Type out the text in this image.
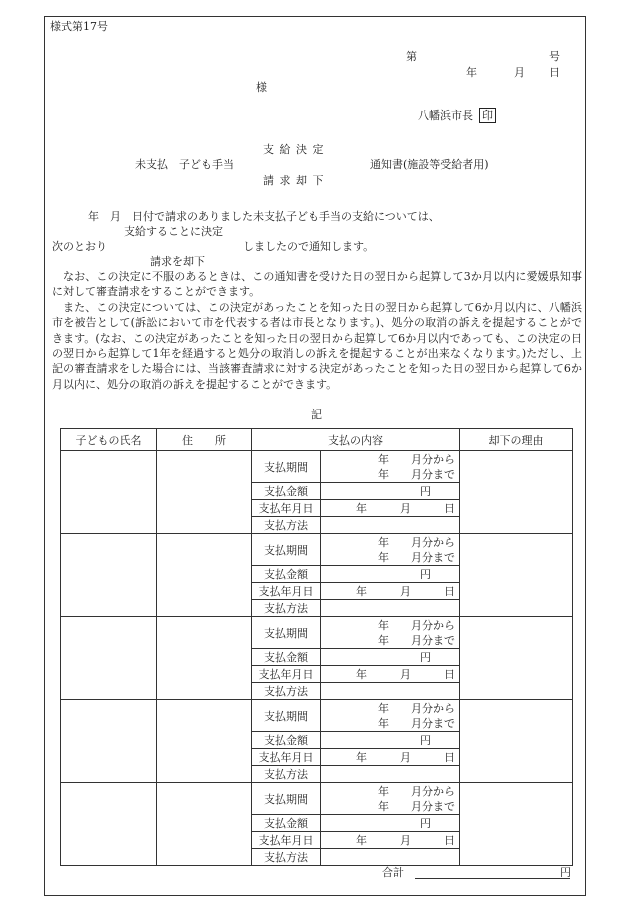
様式第17号
第	号
年	月 日
様
八幡浜市長 印
支 給 決 定
未支払　子ども手当	通知書(施設等受給者用)
請 求 却 下
年　月　日付で請求のありました未支払子ども手当の支給については、
支給することに決定
次のとおり	しましたので通知します。
請求を却下

なお、この決定に不服のあるときは、この通知書を受けた日の翌日から起算して3か月以内に愛媛県知事に対して審査請求をすることができます。

また、この決定については、この決定があったことを知った日の翌日から起算して6か月以内に、八幡浜市を被告として(訴訟において市を代表する者は市長となります。)、処分の取消の訴えを提起することができます。(なお、この決定があったことを知った日の翌日から起算して6か月以内であっても、この決定の日の翌日から起算して1年を経過すると処分の取消しの訴えを提起することが出来なくなります。)ただし、上記の審査請求をした場合には、当該審査請求に対する決定があったことを知った日の翌日から起算して6か月以内に、処分の取消の訴えを提起することができます。

記
子どもの氏名	住　　所	支払の内容		却下の理由
		支払期間	年　　月分から
年　　月分まで	

		支払金額	円	
		支払年月日	年　　　月　　　日	
		支払方法		
		支払期間	年　　月分から
年　　月分まで	

		支払金額	円	
		支払年月日	年　　　月　　　日	
		支払方法		
		支払期間	年　　月分から
年　　月分まで	

		支払金額	円	
		支払年月日	年　　　月　　　日	
		支払方法		
		支払期間	年　　月分から
年　　月分まで	

		支払金額	円	
		支払年月日	年　　　月　　　日	
		支払方法		
		支払期間	年　　月分から
年　　月分まで	

		支払金額	円	
		支払年月日	年　　　月　　　日	
		支払方法		
合計	円
